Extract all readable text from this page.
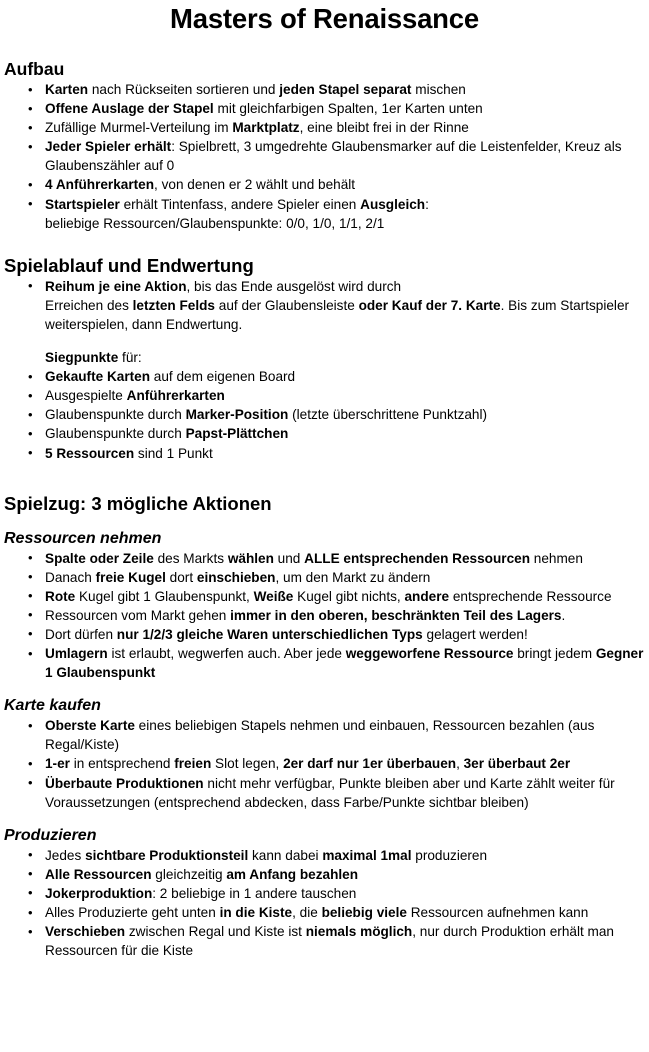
Masters of Renaissance
Aufbau
• Karten nach Rückseiten sortieren und jeden Stapel separat mischen
• Offene Auslage der Stapel mit gleichfarbigen Spalten, 1er Karten unten
• Zufällige Murmel-Verteilung im Marktplatz, eine bleibt frei in der Rinne
• Jeder Spieler erhält: Spielbrett, 3 umgedrehte Glaubensmarker auf die Leistenfelder, Kreuz als Glaubenszähler auf 0
• 4 Anführerkarten, von denen er 2 wählt und behält
• Startspieler erhält Tintenfass, andere Spieler einen Ausgleich:
beliebige Ressourcen/Glaubenspunkte: 0/0, 1/0, 1/1, 2/1
Spielablauf und Endwertung
• Reihum je eine Aktion, bis das Ende ausgelöst wird durch
Erreichen des letzten Felds auf der Glaubensleiste oder Kauf der 7. Karte. Bis zum Startspieler weiterspielen, dann Endwertung.
Siegpunkte für:
• Gekaufte Karten auf dem eigenen Board
• Ausgespielte Anführerkarten
• Glaubenspunkte durch Marker-Position (letzte überschrittene Punktzahl)
• Glaubenspunkte durch Papst-Plättchen
• 5 Ressourcen sind 1 Punkt
Spielzug: 3 mögliche Aktionen
Ressourcen nehmen
• Spalte oder Zeile des Markts wählen und ALLE entsprechenden Ressourcen nehmen
• Danach freie Kugel dort einschieben, um den Markt zu ändern
• Rote Kugel gibt 1 Glaubenspunkt, Weiße Kugel gibt nichts, andere entsprechende Ressource
• Ressourcen vom Markt gehen immer in den oberen, beschränkten Teil des Lagers.
• Dort dürfen nur 1/2/3 gleiche Waren unterschiedlichen Typs gelagert werden!
• Umlagern ist erlaubt, wegwerfen auch. Aber jede weggeworfene Ressource bringt jedem Gegner 1 Glaubenspunkt
Karte kaufen
• Oberste Karte eines beliebigen Stapels nehmen und einbauen, Ressourcen bezahlen (aus Regal/Kiste)
• 1-er in entsprechend freien Slot legen, 2er darf nur 1er überbauen, 3er überbaut 2er
• Überbaute Produktionen nicht mehr verfügbar, Punkte bleiben aber und Karte zählt weiter für Voraussetzungen (entsprechend abdecken, dass Farbe/Punkte sichtbar bleiben)
Produzieren
• Jedes sichtbare Produktionsteil kann dabei maximal 1mal produzieren
• Alle Ressourcen gleichzeitig am Anfang bezahlen
• Jokerproduktion: 2 beliebige in 1 andere tauschen
• Alles Produzierte geht unten in die Kiste, die beliebig viele Ressourcen aufnehmen kann
• Verschieben zwischen Regal und Kiste ist niemals möglich, nur durch Produktion erhält man Ressourcen für die Kiste
